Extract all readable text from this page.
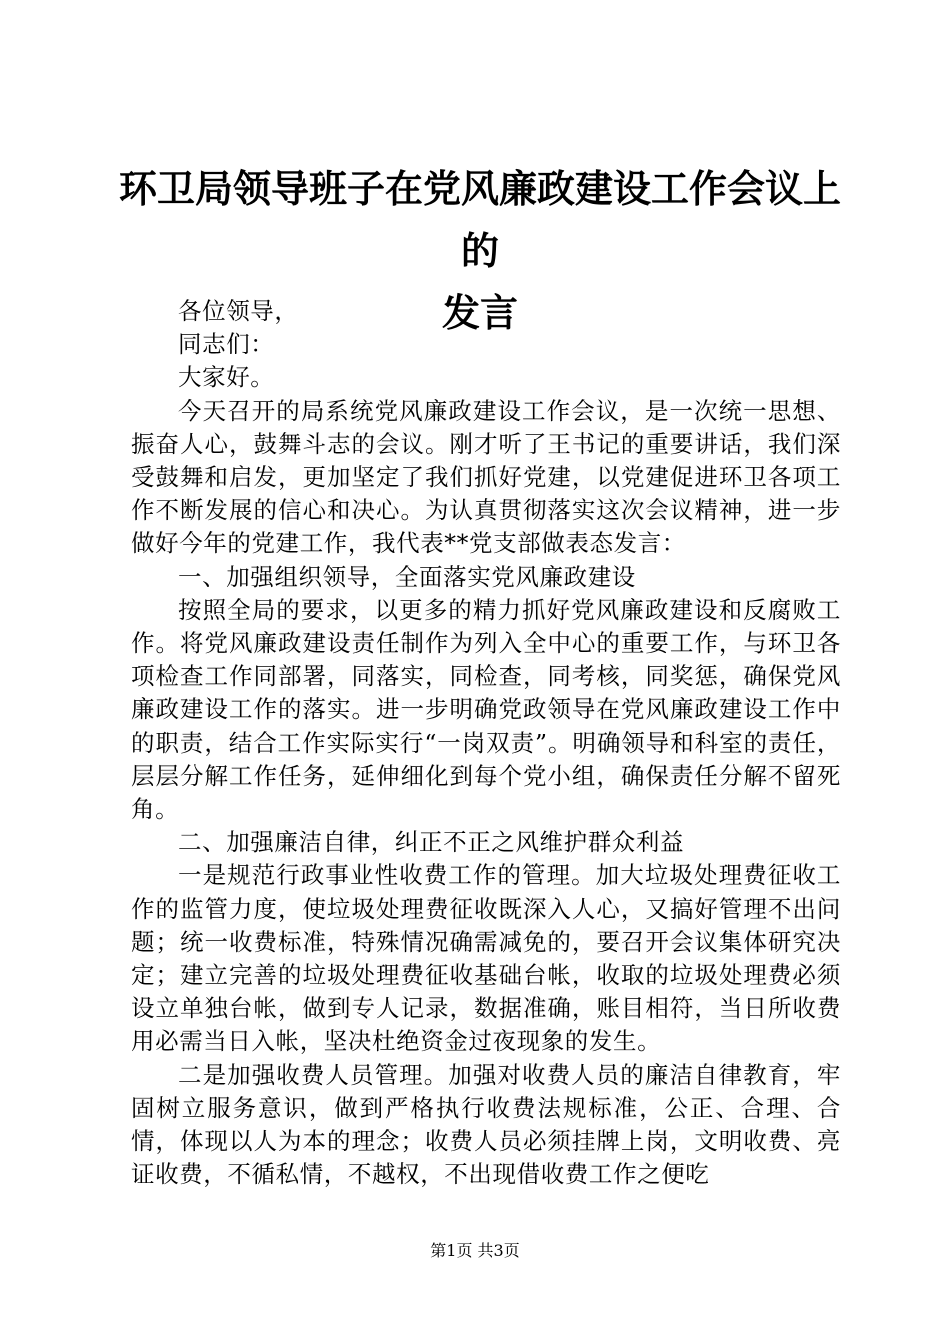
环卫局领导班子在党风廉政建设工作会议上的
发言

各位领导，

同志们：

大家好。

今天召开的局系统党风廉政建设工作会议，是一次统一思想、振奋人心，鼓舞斗志的会议。刚才听了王书记的重要讲话，我们深受鼓舞和启发，更加坚定了我们抓好党建，以党建促进环卫各项工作不断发展的信心和决心。为认真贯彻落实这次会议精神，进一步做好今年的党建工作，我代表**党支部做表态发言：

一、加强组织领导，全面落实党风廉政建设

按照全局的要求，以更多的精力抓好党风廉政建设和反腐败工作。将党风廉政建设责任制作为列入全中心的重要工作，与环卫各项检查工作同部署，同落实，同检查，同考核，同奖惩，确保党风廉政建设工作的落实。进一步明确党政领导在党风廉政建设工作中的职责，结合工作实际实行“一岗双责”。明确领导和科室的责任，层层分解工作任务，延伸细化到每个党小组，确保责任分解不留死角。

二、加强廉洁自律，纠正不正之风维护群众利益

一是规范行政事业性收费工作的管理。加大垃圾处理费征收工作的监管力度，使垃圾处理费征收既深入人心，又搞好管理不出问题；统一收费标准，特殊情况确需减免的，要召开会议集体研究决定；建立完善的垃圾处理费征收基础台帐，收取的垃圾处理费必须设立单独台帐，做到专人记录，数据准确，账目相符，当日所收费用必需当日入帐，坚决杜绝资金过夜现象的发生。

二是加强收费人员管理。加强对收费人员的廉洁自律教育，牢固树立服务意识，做到严格执行收费法规标准，公正、合理、合情，体现以人为本的理念；收费人员必须挂牌上岗，文明收费、亮证收费，不循私情，不越权，不出现借收费工作之便吃

第1页 共3页
